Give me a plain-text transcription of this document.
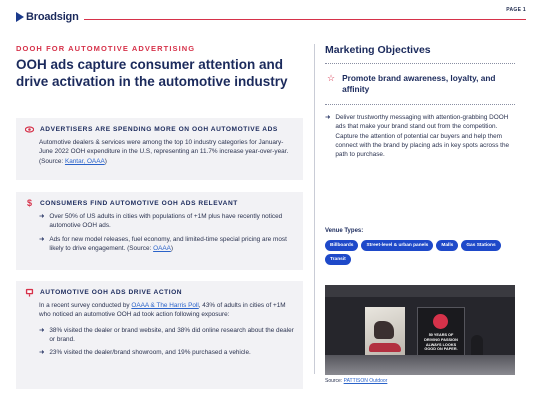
Broadsign
PAGE 1
DOOH FOR AUTOMOTIVE ADVERTISING
OOH ads capture consumer attention and drive activation in the automotive industry
ADVERTISERS ARE SPENDING MORE ON OOH AUTOMOTIVE ADS
Automotive dealers & services were among the top 10 industry categories for January-June 2022 OOH expenditure in the U.S, representing an 11.7% increase year-over-year. (Source: Kantar, OAAA)
$	CONSUMERS FIND AUTOMOTIVE OOH ADS RELEVANT
➜ Over 50% of US adults in cities with populations of +1M plus have recently noticed automotive OOH ads.
➜ Ads for new model releases, fuel economy, and limited-time special pricing are most likely to drive engagement. (Source: OAAA)
AUTOMOTIVE OOH ADS DRIVE ACTION
In a recent survey conducted by OAAA & The Harris Poll, 43% of adults in cities of +1M who noticed an automotive OOH ad took action following exposure:
➜ 38% visited the dealer or brand website, and 38% did online research about the dealer or brand.
➜ 23% visited the dealer/brand showroom, and 19% purchased a vehicle.
Marketing Objectives
☆ Promote brand awareness, loyalty, and affinity
➜ Deliver trustworthy messaging with attention-grabbing DOOH ads that make your brand stand out from the competition. Capture the attention of potential car buyers and help them connect with the brand by placing ads in key spots across the path to purchase.
Venue Types:
Billboards	Street-level & urban panels	Malls	Gas Stations
Transit
50 YEARS OF DRIVING PASSION ALWAYS LOOKS GOOD ON PAPER.
Source: PATTISON Outdoor
